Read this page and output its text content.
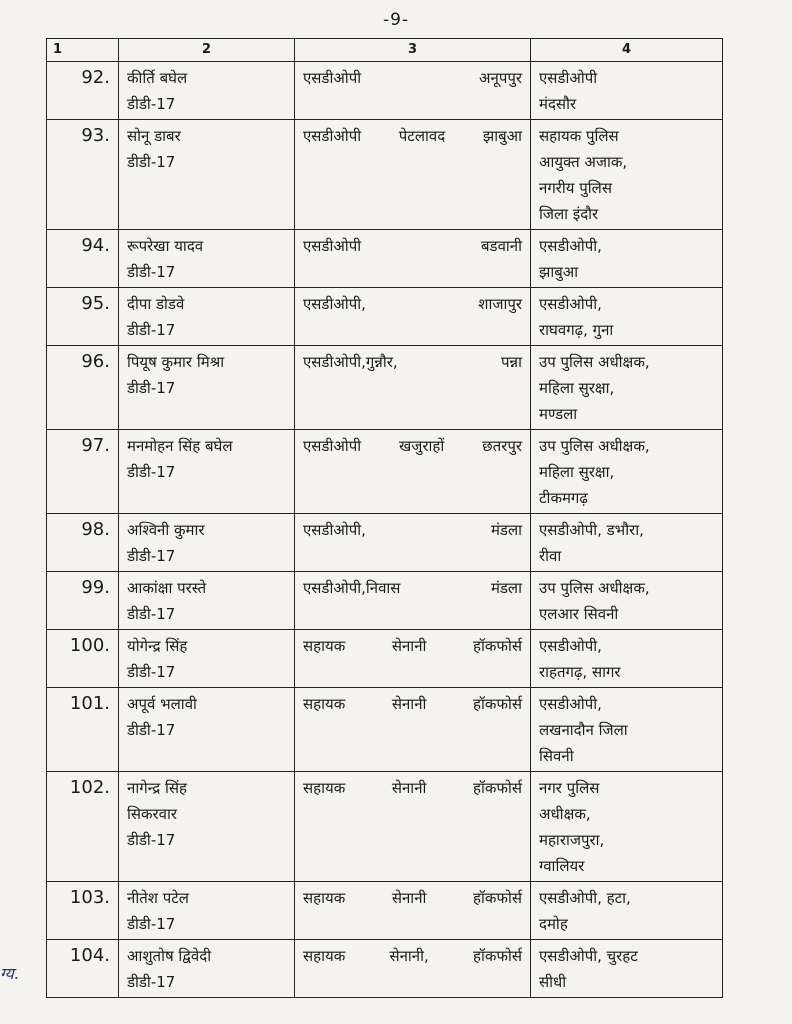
-9-
1	2	3	4
92.	कीर्ति बघेल
डीडी-17	एसडीओपी अनूपपुर	एसडीओपी
मंदसौर

93.	सोनू डाबर
डीडी-17	एसडीओपी पेटलावद झाबुआ	सहायक पुलिस
आयुक्त अजाक,
नगरीय पुलिस
जिला इंदौर

94.	रूपरेखा यादव
डीडी-17	एसडीओपी बडवानी	एसडीओपी,
झाबुआ

95.	दीपा डोडवे
डीडी-17	एसडीओपी, शाजापुर	एसडीओपी,
राघवगढ़, गुना

96.	पियूष कुमार मिश्रा
डीडी-17	एसडीओपी,गुन्नौर, पन्ना	उप पुलिस अधीक्षक,
महिला सुरक्षा,
मण्डला

97.	मनमोहन सिंह बघेल
डीडी-17	एसडीओपी खजुराहों छतरपुर	उप पुलिस अधीक्षक,
महिला सुरक्षा,
टीकमगढ़

98.	अश्विनी कुमार
डीडी-17	एसडीओपी, मंडला	एसडीओपी, डभौरा,
रीवा

99.	आकांक्षा परस्ते
डीडी-17	एसडीओपी,निवास मंडला	उप पुलिस अधीक्षक,
एलआर सिवनी

100.	योगेन्द्र सिंह
डीडी-17	सहायक सेनानी हॉकफोर्स	एसडीओपी,
राहतगढ़, सागर

101.	अपूर्व भलावी
डीडी-17	सहायक सेनानी हॉकफोर्स	एसडीओपी,
लखनादौन जिला
सिवनी

102.	नागेन्द्र सिंह
सिकरवार
डीडी-17	सहायक सेनानी हॉकफोर्स	नगर पुलिस
अधीक्षक,
महाराजपुरा,
ग्वालियर

103.	नीतेश पटेल
डीडी-17	सहायक सेनानी हॉकफोर्स	एसडीओपी, हटा,
दमोह

104.	आशुतोष द्विवेदी
डीडी-17	सहायक सेनानी, हॉकफोर्स	एसडीओपी, चुरहट
सीधी
ग्य.
